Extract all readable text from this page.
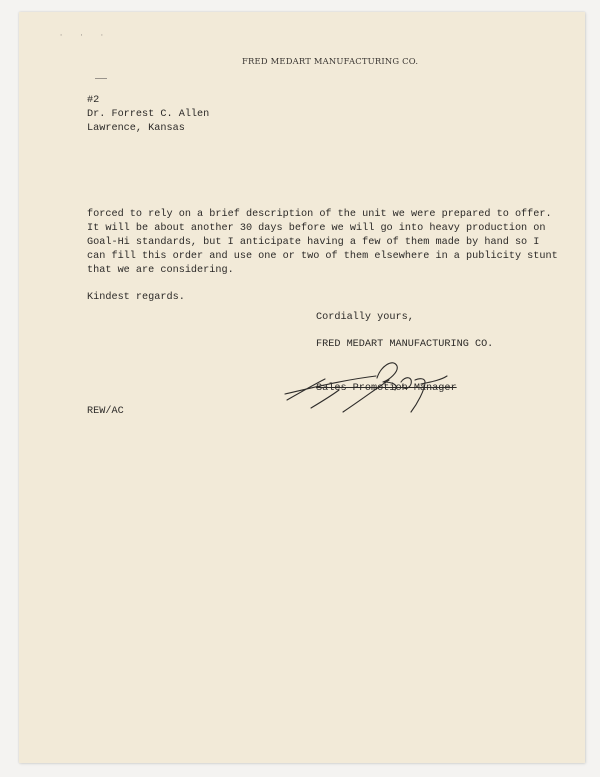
· · ·
FRED MEDART MANUFACTURING CO.
#2
Dr. Forrest C. Allen
Lawrence, Kansas
forced to rely on a brief description of the unit we were prepared to offer.
It will be about another 30 days before we will go into heavy production on
Goal-Hi standards, but I anticipate having a few of them made by hand so I
can fill this order and use one or two of them elsewhere in a publicity stunt
that we are considering.
Kindest regards.
Cordially yours,
FRED MEDART MANUFACTURING CO.
Sales Promotion Manager
REW/AC
